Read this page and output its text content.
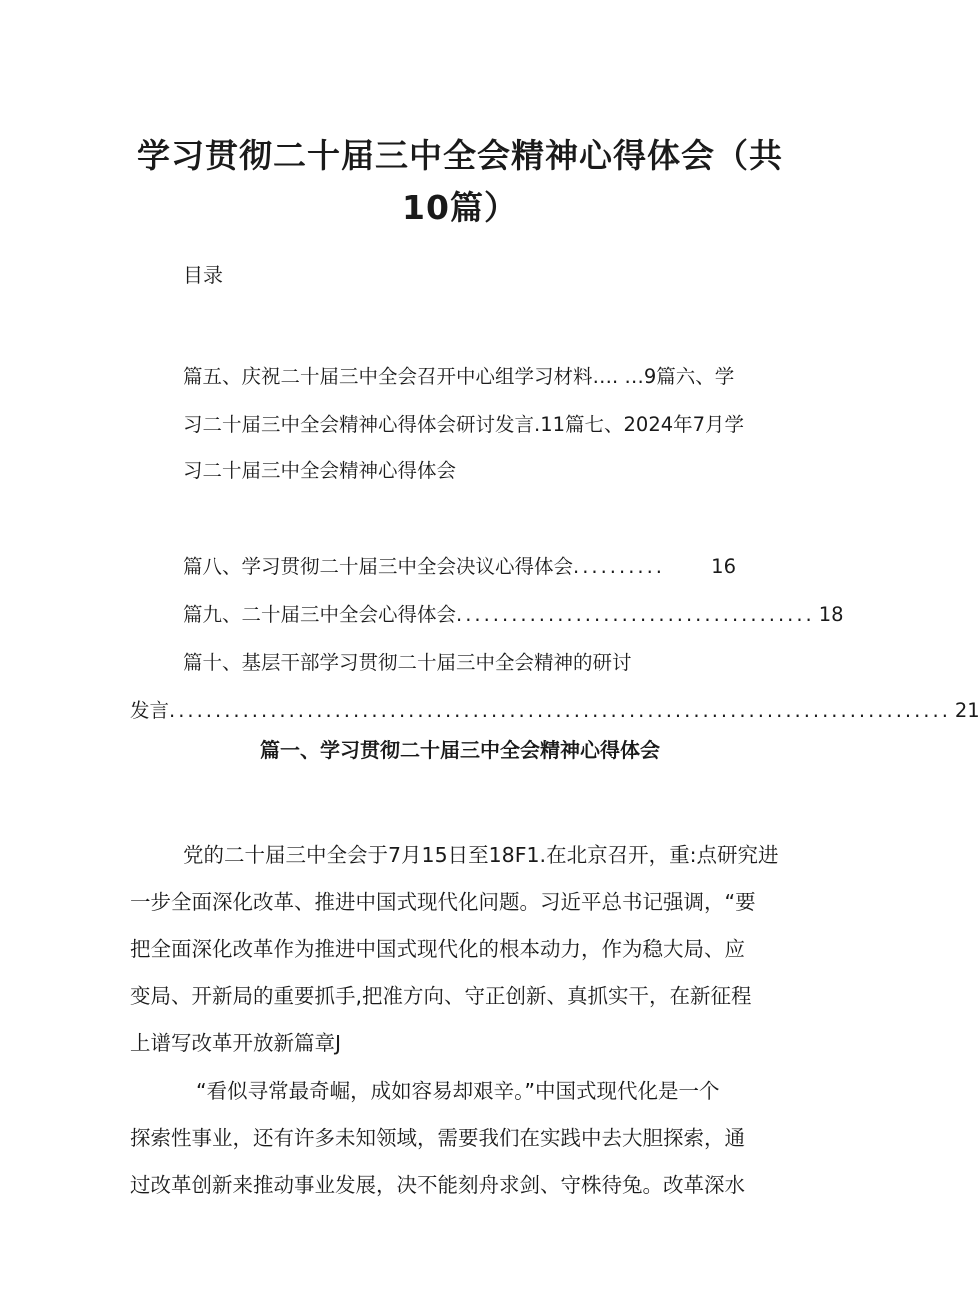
学习贯彻二十届三中全会精神心得体会（共
10篇）
目录
篇五、庆祝二十届三中全会召开中心组学习材料…. …9篇六、学
习二十届三中全会精神心得体会研讨发言.11篇七、2024年7月学
习二十届三中全会精神心得体会
篇八、学习贯彻二十届三中全会决议心得体会 ..........	16
篇九、二十届三中全会心得体会 ....................................... 18
篇十、基层干部学习贯彻二十届三中全会精神的研讨
发言 ..................................................................................... 21
篇一、学习贯彻二十届三中全会精神心得体会
党的二十届三中全会于7月15日至18F1.在北京召开，重:点研究进
一步全面深化改革、推进中国式现代化问题。习近平总书记强调，“要
把全面深化改革作为推进中国式现代化的根本动力，作为稳大局、应
变局、开新局的重要抓手,把准方向、守正创新、真抓实干，在新征程
上谱写改革开放新篇章J
“看似寻常最奇崛，成如容易却艰辛。”中国式现代化是一个
探索性事业，还有许多未知领域，需要我们在实践中去大胆探索，通
过改革创新来推动事业发展，决不能刻舟求剑、守株待兔。改革深水
